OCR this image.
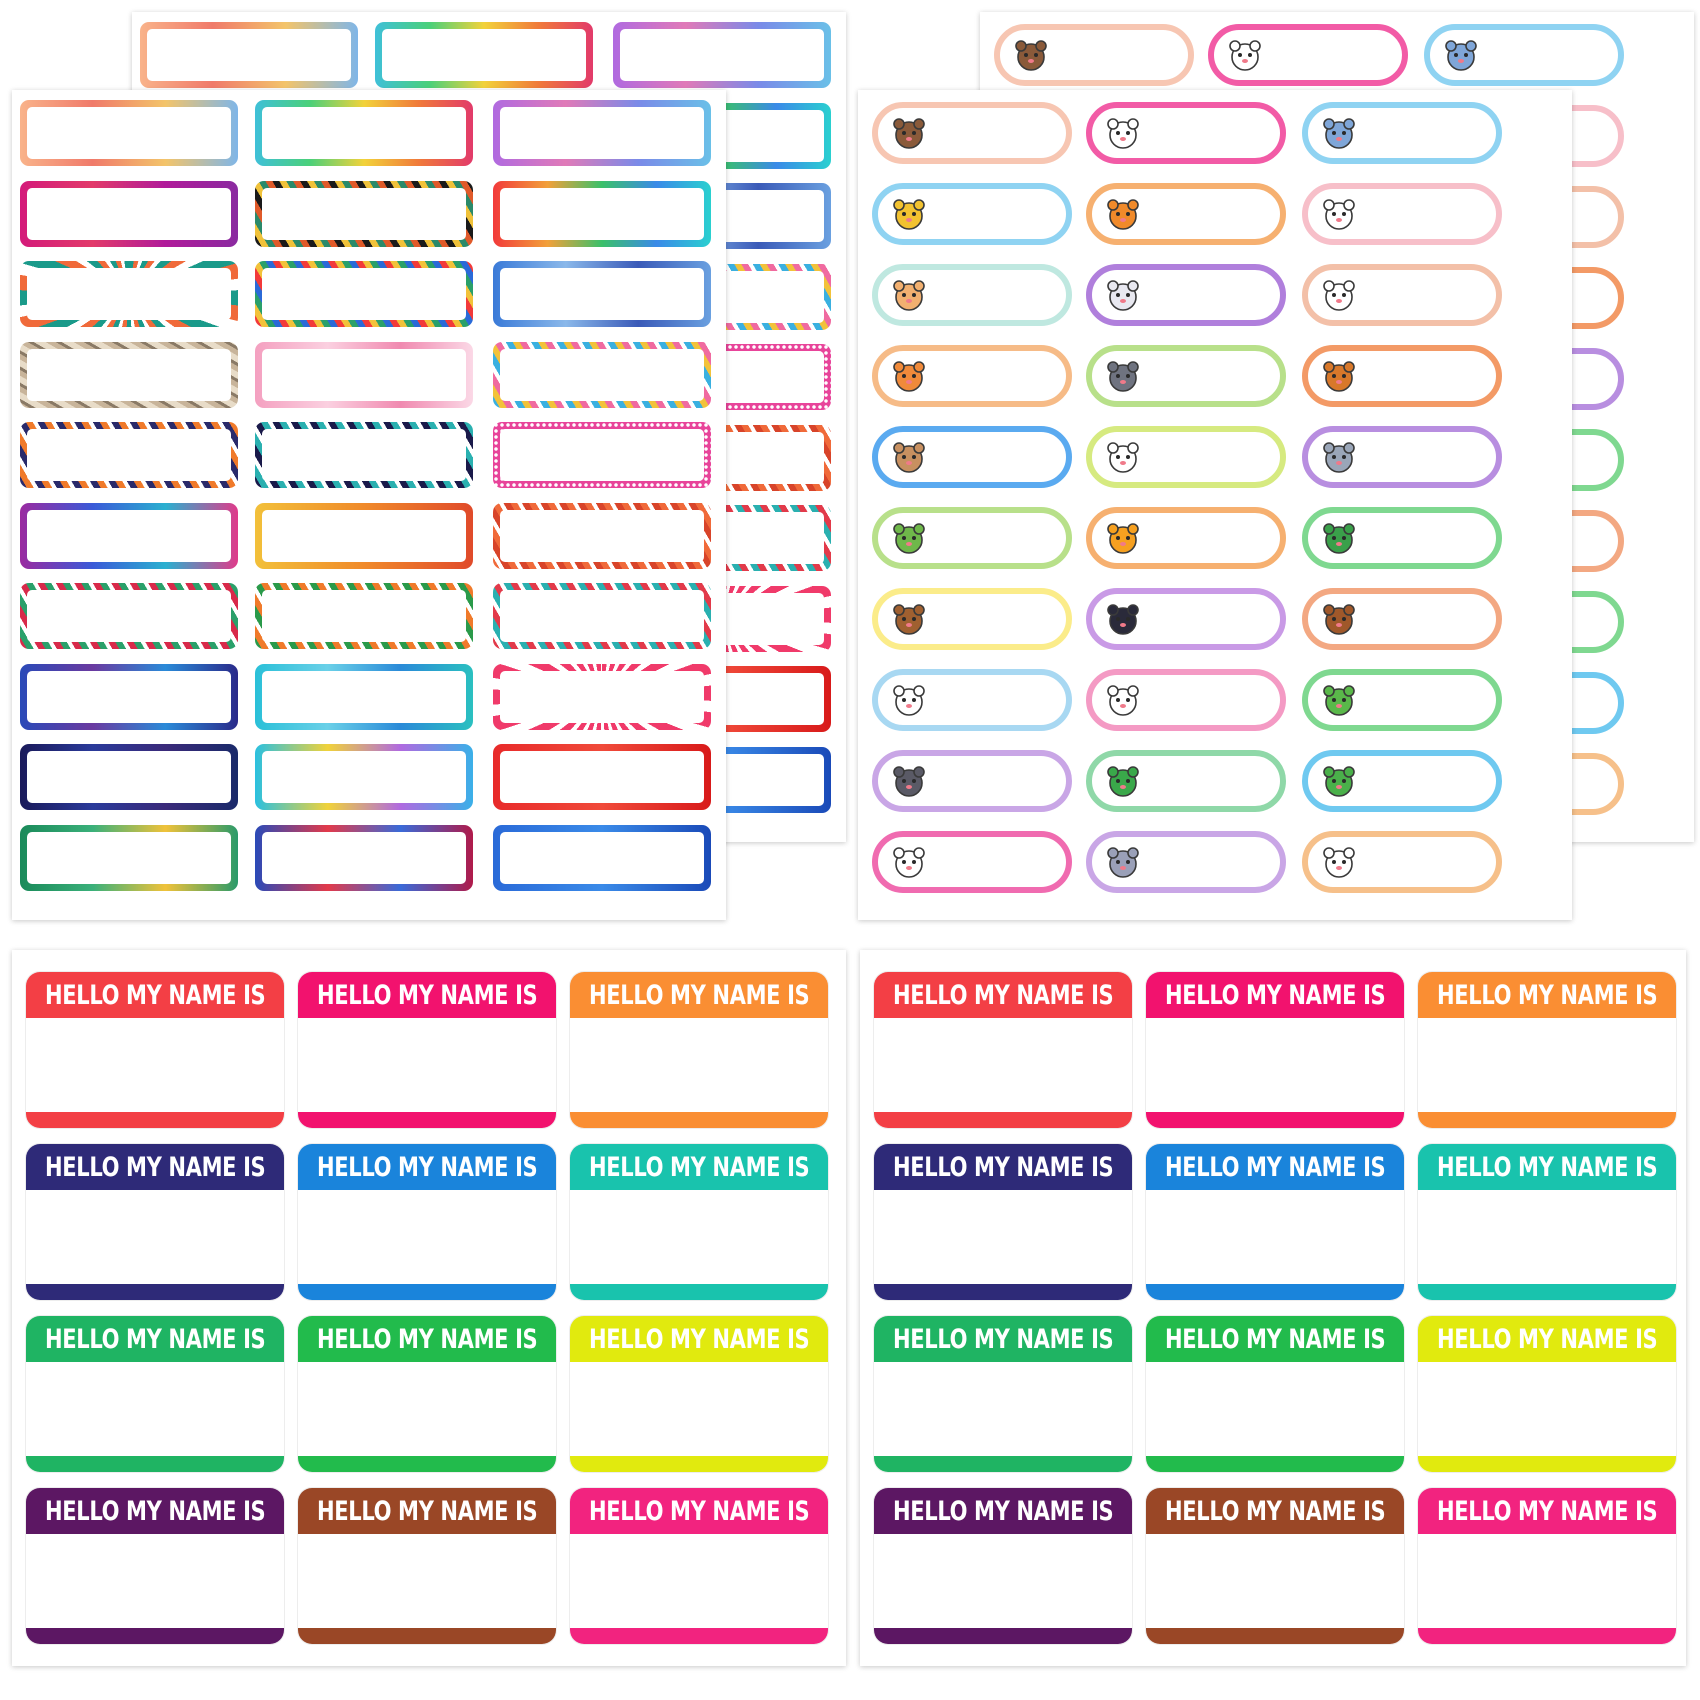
HELLO MY NAME IS HELLO MY NAME IS HELLO MY NAME IS
HELLO MY NAME IS HELLO MY NAME IS HELLO MY NAME IS
HELLO MY NAME IS HELLO MY NAME IS HELLO MY NAME IS
HELLO MY NAME IS HELLO MY NAME IS HELLO MY NAME IS
HELLO MY NAME IS HELLO MY NAME IS HELLO MY NAME IS
HELLO MY NAME IS HELLO MY NAME IS HELLO MY NAME IS
HELLO MY NAME IS HELLO MY NAME IS HELLO MY NAME IS
HELLO MY NAME IS HELLO MY NAME IS HELLO MY NAME IS
